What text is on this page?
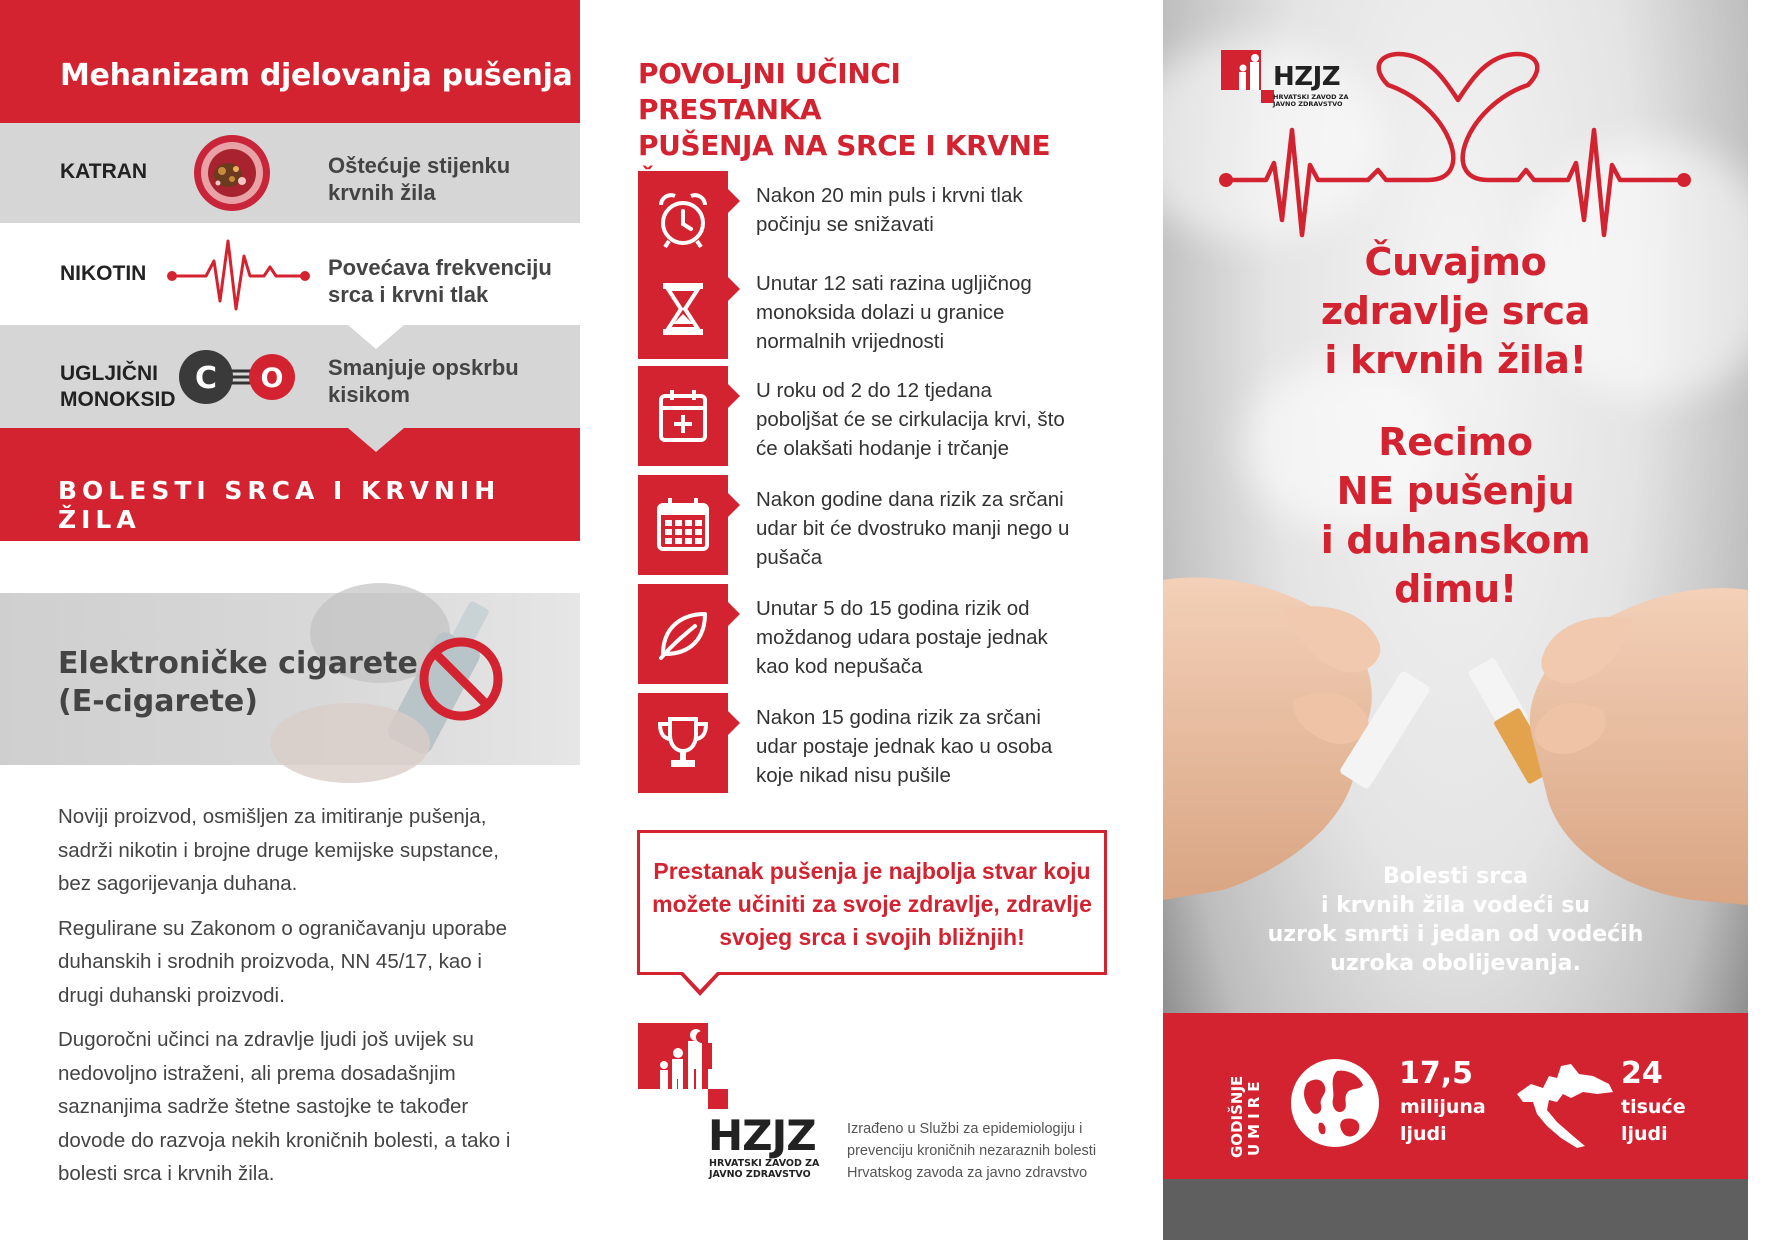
Mehanizam djelovanja pušenja
KATRAN	Oštećuje stijenku
krvnih žila
NIKOTIN	Povećava frekvenciju
srca i krvni tlak
UGLJIČNI
MONOKSID
C O Smanjuje opskrbu
kisikom
BOLESTI SRCA I KRVNIH ŽILA
Elektroničke cigarete
(E-cigarete)

Noviji proizvod, osmišljen za imitiranje pušenja, sadrži nikotin i brojne druge kemijske supstance, bez sagorijevanja duhana.

Regulirane su Zakonom o ograničavanju uporabe duhanskih i srodnih proizvoda, NN 45/17, kao i drugi duhanski proizvodi.

Dugoročni učinci na zdravlje ljudi još uvijek su nedovoljno istraženi, ali prema dosadašnjim saznanjima sadrže štetne sastojke te također dovode do razvoja nekih kroničnih bolesti, a tako i bolesti srca i krvnih žila.

POVOLJNI UČINCI PRESTANKA
PUŠENJA NA SRCE I KRVNE
Nakon 20 min puls i krvni tlak počinju se snižavati
Unutar 12 sati razina ugljičnog monoksida dolazi u granice normalnih vrijednosti
U roku od 2 do 12 tjedana poboljšat će se cirkulacija krvi, što će olakšati hodanje i trčanje
Nakon godine dana rizik za srčani udar bit će dvostruko manji nego u pušača
Unutar 5 do 15 godina rizik od moždanog udara postaje jednak kao kod nepušača
Nakon 15 godina rizik za srčani udar postaje jednak kao u osoba koje nikad nisu pušile
Prestanak pušenja je najbolja stvar koju možete učiniti za svoje zdravlje, zdravlje svojeg srca i svojih bližnjih!
HZJZ
HRVATSKI ZAVOD ZA
JAVNO ZDRAVSTVO
Izrađeno u Službi za epidemiologiju i prevenciju kroničnih nezaraznih bolesti Hrvatskog zavoda za javno zdravstvo
HZJZ
HRVATSKI ZAVOD ZA
JAVNO ZDRAVSTVO
Čuvajmo
zdravlje srca
i krvnih žila!
Recimo
NE pušenju
i duhanskom
dimu!
Bolesti srca
i krvnih žila vodeći su
uzrok smrti i jedan od vodećih
uzroka obolijevanja.
GODIŠNJE UMIRE
17,5
milijuna
ljudi
24
tisuće
ljudi
